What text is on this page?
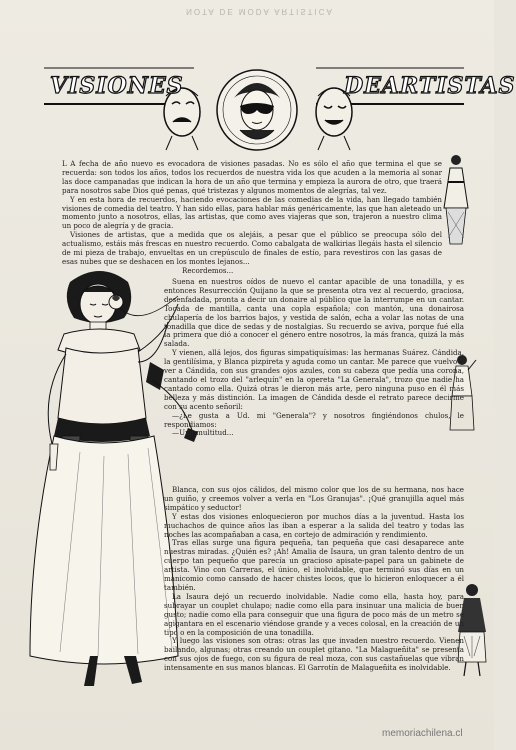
NOTA DE MODA ARTISTICA
VISIONES	DEARTISTAS

L A fecha de año nuevo es evocadora de visiones pasadas. No es sólo el año que termina el que se recuerda: son todos los años, todos los recuerdos de nuestra vida los que acuden a la memoria al sonar las doce campanadas que indican la hora de un año que termina y empieza la aurora de otro, que traerá para nosotros sabe Dios qué penas, qué tristezas y algunos momentos de alegrías, tal vez.

Y en esta hora de recuerdos, haciendo evocaciones de las comedias de la vida, han llegado también visiones de comedia del teatro. Y han sido ellas, para hablar más genéricamente, las que han aleteado un momento junto a nosotros, ellas, las artistas, que como aves viajeras que son, trajeron a nuestro clima un poco de alegría y de gracia.

Visiones de artistas, que a medida que os alejáis, a pesar que el público se preocupa sólo del actualismo, estáis más frescas en nuestro recuerdo. Como cabalgata de walkirias llegáis hasta el silencio de mi pieza de trabajo, envueltas en un crepúsculo de finales de estío, para revestiros con las gasas de esas nubes que se deshacen en los montes lejanos...

Recordemos...

Suena en nuestros oídos de nuevo el cantar apacible de una tonadilla, y es entonces Resurrección Quijano la que se presenta otra vez al recuerdo, graciosa, desenfadada, pronta a decir un donaire al público que la interrumpe en un cantar. Tocada de mantilla, canta una copla española; con mantón, una donairosa chulapería de los barrios bajos, y vestida de salón, echa a volar las notas de una tonadilla que dice de sedas y de nostalgias. Su recuerdo se aviva, porque fué ella la primera que dió a conocer el género entre nosotros, la más franca, quizá la más salada.

Y vienen, allá lejos, dos figuras simpatiquísimas: las hermanas Suárez. Cándida, la gentilísima, y Blanca pizpireta y aguda como un cantar. Me parece que vuelvo a ver a Cándida, con sus grandes ojos azules, con su cabeza que pedía una corona, cantando el trozo del "arlequín" en la opereta "La Generala", trozo que nadie ha cantado como ella. Quizá otras le dieron más arte, pero ninguna puso en él más belleza y más distinción. La imagen de Cándida desde el retrato parece decirme con su acento señoril:

—¿Le gusta a Ud. mi "Generala"? y nosotros fingiéndonos chulos, le respondiamos:

—Una multitud...

Blanca, con sus ojos cálidos, del mismo color que los de su hermana, nos hace un guiño, y creemos volver a verla en "Los Granujas". ¡Qué granujilla aquel más simpático y seductor!

Y estas dos visiones enloquecieron por muchos días a la juventud. Hasta los muchachos de quince años las iban a esperar a la salida del teatro y todas las noches las acompañaban a casa, en cortejo de admiración y rendimiento.

Tras ellas surge una figura pequeña, tan pequeña que casi desaparece ante nuestras miradas. ¿Quién es? ¡Ah! Amalia de Isaura, un gran talento dentro de un cuerpo tan pequeño que parecía un gracioso apisate-papel para un gabinete de artista. Vino con Carreras, el único, el inolvidable, que terminó sus días en un manicomio como cansado de hacer chistes locos, que lo hicieron enloquecer a él también.

La Isaura dejó un recuerdo inolvidable. Nadie como ella, hasta hoy, para subrayar un couplet chulapo; nadie como ella para insinuar una malicia de buen gusto; nadie como ella para conseguir que una figura de poco más de un metro se agigantara en el escenario viéndose grande y a veces colosal, en la creación de un tipo o en la composición de una tonadilla.

Y luego las visiones son otras: otras las que invaden nuestro recuerdo. Vienen bailando, algunas; otras creando un couplet gitano. "La Malagueñita" se presenta con sus ojos de fuego, con su figura de real moza, con sus castañuelas que vibran intensamente en sus manos blancas. El Garrotín de Malagueñita es inolvidable.

memoriachilena.cl
